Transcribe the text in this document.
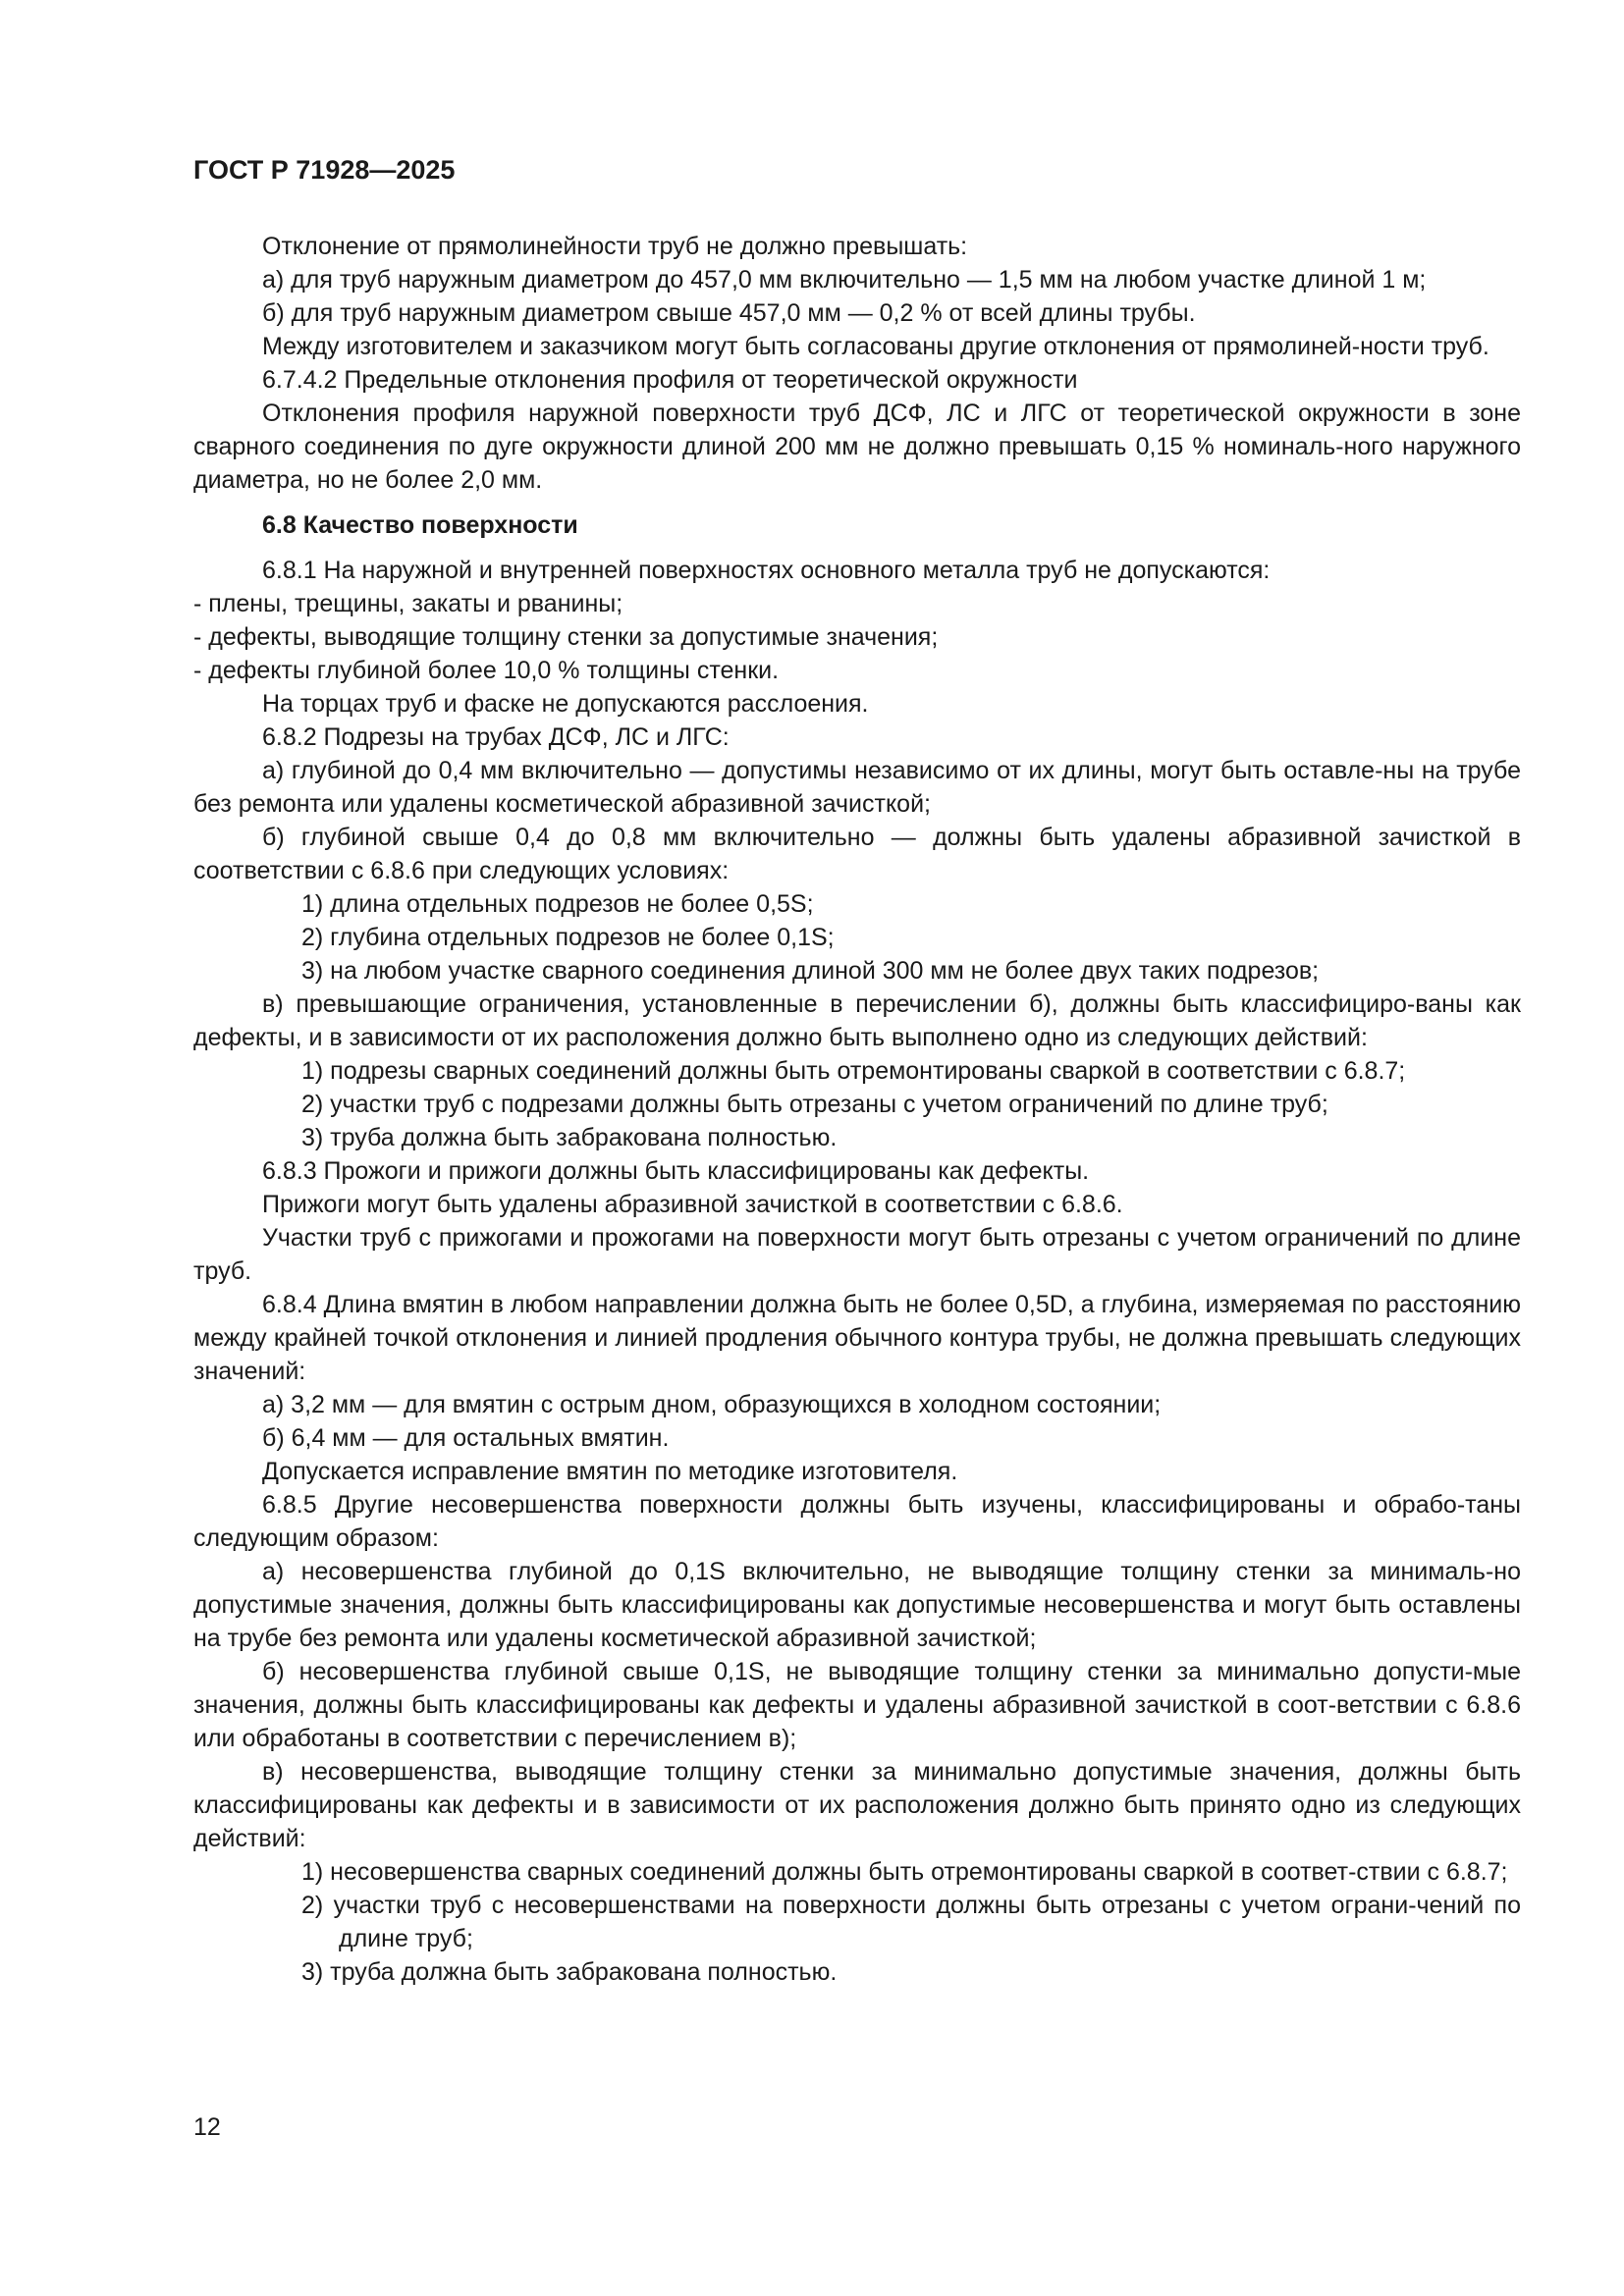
ГОСТ Р 71928—2025

Отклонение от прямолинейности труб не должно превышать:

а) для труб наружным диаметром до 457,0 мм включительно — 1,5 мм на любом участке длиной 1 м;

б) для труб наружным диаметром свыше 457,0 мм — 0,2 % от всей длины трубы.

Между изготовителем и заказчиком могут быть согласованы другие отклонения от прямолиней-ности труб.

6.7.4.2 Предельные отклонения профиля от теоретической окружности

Отклонения профиля наружной поверхности труб ДСФ, ЛС и ЛГС от теоретической окружности в зоне сварного соединения по дуге окружности длиной 200 мм не должно превышать 0,15 % номиналь-ного наружного диаметра, но не более 2,0 мм.

6.8 Качество поверхности

6.8.1 На наружной и внутренней поверхностях основного металла труб не допускаются:

- плены, трещины, закаты и рванины;

- дефекты, выводящие толщину стенки за допустимые значения;

- дефекты глубиной более 10,0 % толщины стенки.

На торцах труб и фаске не допускаются расслоения.

6.8.2 Подрезы на трубах ДСФ, ЛС и ЛГС:

а) глубиной до 0,4 мм включительно — допустимы независимо от их длины, могут быть оставле-ны на трубе без ремонта или удалены косметической абразивной зачисткой;

б) глубиной свыше 0,4 до 0,8 мм включительно — должны быть удалены абразивной зачисткой в соответствии с 6.8.6 при следующих условиях:

1) длина отдельных подрезов не более 0,5S;

2) глубина отдельных подрезов не более 0,1S;

3) на любом участке сварного соединения длиной 300 мм не более двух таких подрезов;

в) превышающие ограничения, установленные в перечислении б), должны быть классифициро-ваны как дефекты, и в зависимости от их расположения должно быть выполнено одно из следующих действий:

1) подрезы сварных соединений должны быть отремонтированы сваркой в соответствии с 6.8.7;

2) участки труб с подрезами должны быть отрезаны с учетом ограничений по длине труб;

3) труба должна быть забракована полностью.

6.8.3 Прожоги и прижоги должны быть классифицированы как дефекты.

Прижоги могут быть удалены абразивной зачисткой в соответствии с 6.8.6.

Участки труб с прижогами и прожогами на поверхности могут быть отрезаны с учетом ограничений по длине труб.

6.8.4 Длина вмятин в любом направлении должна быть не более 0,5D, а глубина, измеряемая по расстоянию между крайней точкой отклонения и линией продления обычного контура трубы, не должна превышать следующих значений:

а) 3,2 мм — для вмятин с острым дном, образующихся в холодном состоянии;

б) 6,4 мм — для остальных вмятин.

Допускается исправление вмятин по методике изготовителя.

6.8.5 Другие несовершенства поверхности должны быть изучены, классифицированы и обрабо-таны следующим образом:

а) несовершенства глубиной до 0,1S включительно, не выводящие толщину стенки за минималь-но допустимые значения, должны быть классифицированы как допустимые несовершенства и могут быть оставлены на трубе без ремонта или удалены косметической абразивной зачисткой;

б) несовершенства глубиной свыше 0,1S, не выводящие толщину стенки за минимально допусти-мые значения, должны быть классифицированы как дефекты и удалены абразивной зачисткой в соот-ветствии с 6.8.6 или обработаны в соответствии с перечислением в);

в) несовершенства, выводящие толщину стенки за минимально допустимые значения, должны быть классифицированы как дефекты и в зависимости от их расположения должно быть принято одно из следующих действий:

1) несовершенства сварных соединений должны быть отремонтированы сваркой в соответ-ствии с 6.8.7;

2) участки труб с несовершенствами на поверхности должны быть отрезаны с учетом ограни-чений по длине труб;

3) труба должна быть забракована полностью.

12
